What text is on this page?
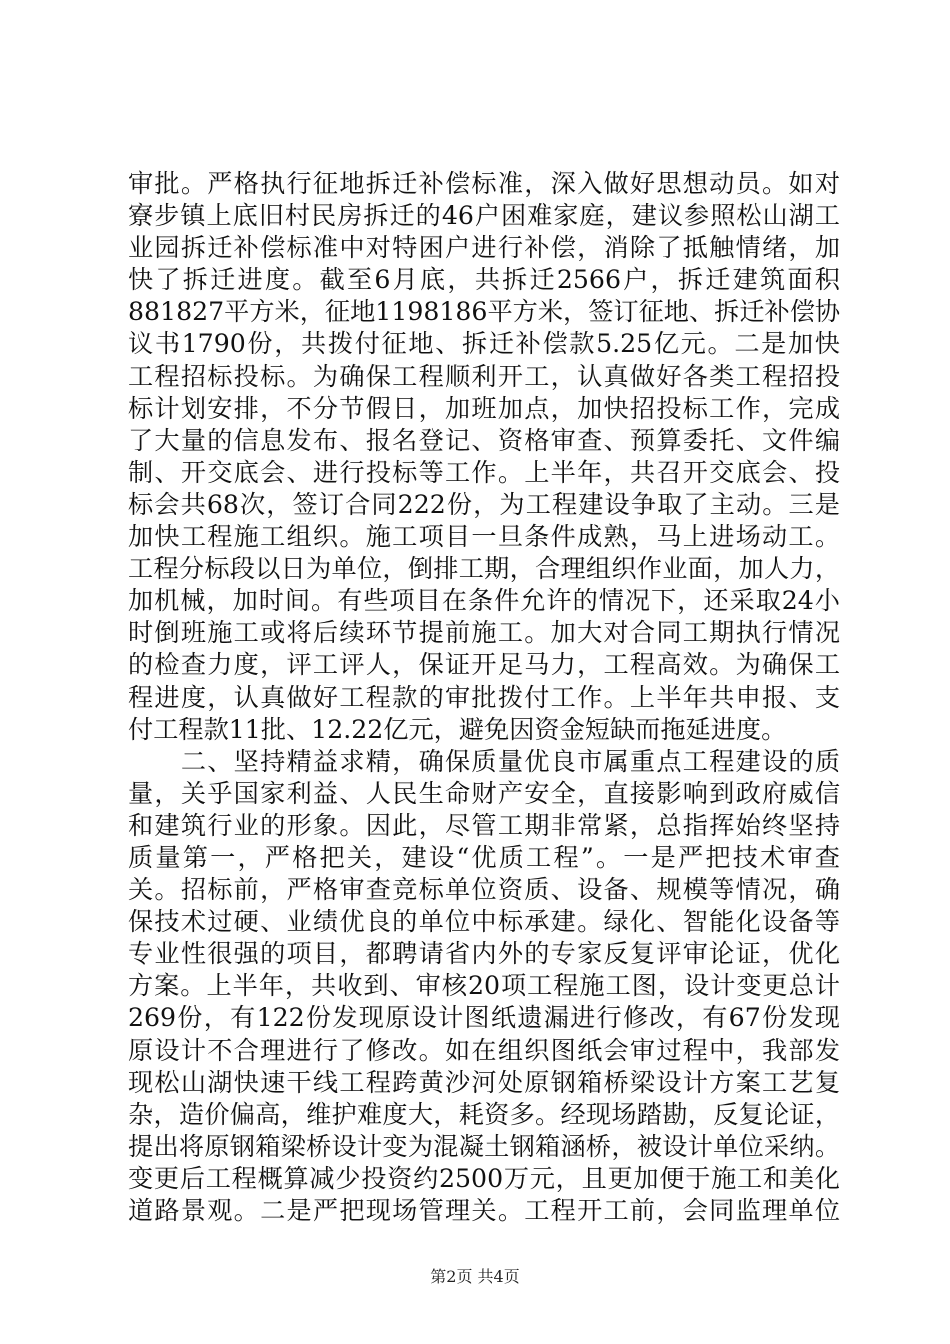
审批。严格执行征地拆迁补偿标准，深入做好思想动员。如对
寮步镇上底旧村民房拆迁的46户困难家庭，建议参照松山湖工
业园拆迁补偿标准中对特困户进行补偿，消除了抵触情绪，加
快了拆迁进度。截至6月底，共拆迁2566户，拆迁建筑面积
881827平方米，征地1198186平方米，签订征地、拆迁补偿协
议书1790份，共拨付征地、拆迁补偿款5.25亿元。二是加快
工程招标投标。为确保工程顺利开工，认真做好各类工程招投
标计划安排，不分节假日，加班加点，加快招投标工作，完成
了大量的信息发布、报名登记、资格审查、预算委托、文件编
制、开交底会、进行投标等工作。上半年，共召开交底会、投
标会共68次，签订合同222份，为工程建设争取了主动。三是
加快工程施工组织。施工项目一旦条件成熟，马上进场动工。
工程分标段以日为单位，倒排工期，合理组织作业面，加人力，
加机械，加时间。有些项目在条件允许的情况下，还采取24小
时倒班施工或将后续环节提前施工。加大对合同工期执行情况
的检查力度，评工评人，保证开足马力，工程高效。为确保工
程进度，认真做好工程款的审批拨付工作。上半年共申报、支
付工程款11批、12.22亿元，避免因资金短缺而拖延进度。
　　二、坚持精益求精，确保质量优良市属重点工程建设的质
量，关乎国家利益、人民生命财产安全，直接影响到政府威信
和建筑行业的形象。因此，尽管工期非常紧，总指挥始终坚持
质量第一，严格把关，建设“优质工程”。一是严把技术审查
关。招标前，严格审查竞标单位资质、设备、规模等情况，确
保技术过硬、业绩优良的单位中标承建。绿化、智能化设备等
专业性很强的项目，都聘请省内外的专家反复评审论证，优化
方案。上半年，共收到、审核20项工程施工图，设计变更总计
269份，有122份发现原设计图纸遗漏进行修改，有67份发现
原设计不合理进行了修改。如在组织图纸会审过程中，我部发
现松山湖快速干线工程跨黄沙河处原钢箱桥梁设计方案工艺复
杂，造价偏高，维护难度大，耗资多。经现场踏勘，反复论证，
提出将原钢箱梁桥设计变为混凝土钢箱涵桥，被设计单位采纳。
变更后工程概算减少投资约2500万元，且更加便于施工和美化
道路景观。二是严把现场管理关。工程开工前，会同监理单位
第2页 共4页
